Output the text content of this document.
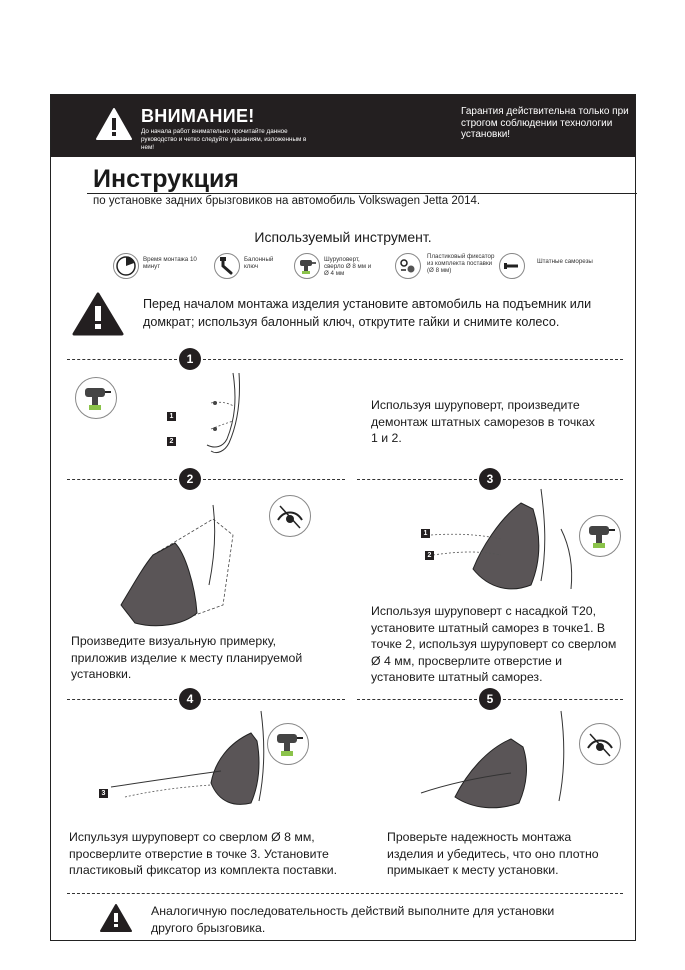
ВНИМАНИЕ!
До начала работ внимательно прочитайте данное руководство и четко следуйте указаниям, изложенным в нем!
Гарантия действительна только при строгом соблюдении технологии установки!
Инструкция
по установке задних брызговиков на автомобиль Volkswagen Jetta 2014.
Используемый инструмент.
Время монтажа 10 минут
Балонный ключ
Шуруповерт, сверло Ø 8 мм и Ø 4 мм
Пластиковый фиксатор из комплекта поставки (Ø 8 мм)
Штатные саморезы
Перед началом монтажа изделия установите автомобиль на подъемник или домкрат; используя балонный ключ, открутите гайки и снимите колесо.
1
1
2
Используя шуруповерт, произведите демонтаж штатных саморезов в точках 1 и 2.
2	3
1
2
Произведите визуальную примерку, приложив изделие к месту планируемой установки.
Используя шуруповерт с насадкой Т20, установите штатный саморез в точке1. В точке 2, используя шуруповерт со сверлом Ø 4 мм, просверлите отверстие и установите штатный саморез.
4	5
3
Испульзуя шуруповерт со сверлом Ø 8 мм, просверлите отверстие в точке 3. Установите пластиковый фиксатор из комплекта поставки.
Проверьте надежность монтажа изделия и убедитесь, что оно плотно примыкает к месту установки.
Аналогичную последовательность действий выполните для установки другого брызговика.
